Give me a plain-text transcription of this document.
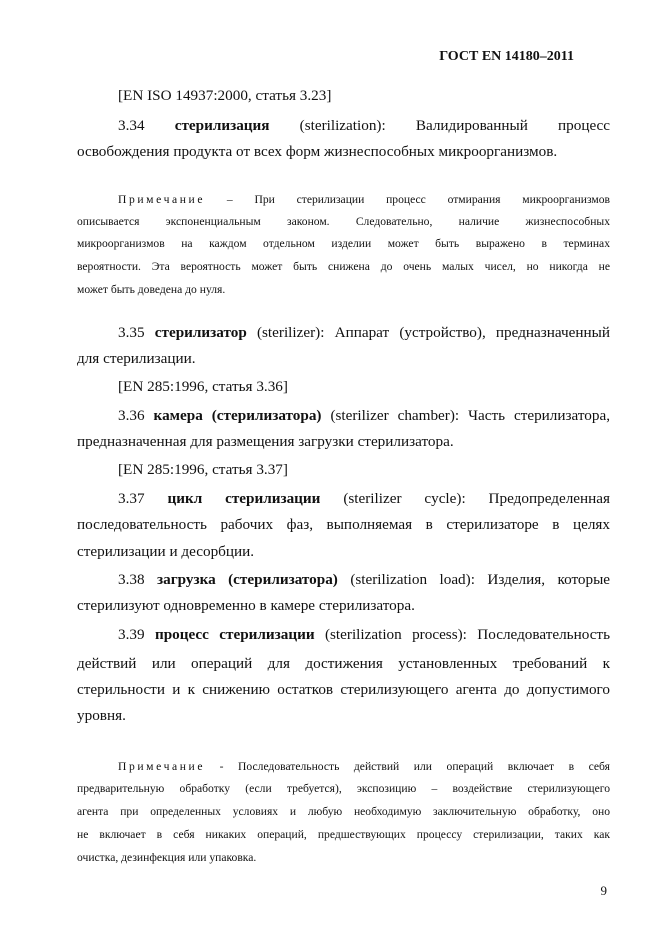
ГОСТ EN 14180–2011
[EN ISO 14937:2000, статья 3.23]
3.34 стерилизация (sterilization): Валидированный процесс
освобождения продукта от всех форм жизнеспособных микроорганизмов.
Примечание – При стерилизации процесс отмирания микроорганизмов
описывается экспоненциальным законом. Следовательно, наличие жизнеспособных
микроорганизмов на каждом отдельном изделии может быть выражено в терминах
вероятности. Эта вероятность может быть снижена до очень малых чисел, но никогда не
может быть доведена до нуля.
3.35 стерилизатор (sterilizer): Аппарат (устройство), предназначенный
для стерилизации.
[EN 285:1996, статья 3.36]
3.36 камера (стерилизатора) (sterilizer chamber): Часть стерилизатора,
предназначенная для размещения загрузки стерилизатора.
[EN 285:1996, статья 3.37]
3.37 цикл стерилизации (sterilizer cycle): Предопределенная
последовательность рабочих фаз, выполняемая в стерилизаторе в целях
стерилизации и десорбции.
3.38 загрузка (стерилизатора) (sterilization load): Изделия, которые
стерилизуют одновременно в камере стерилизатора.
3.39 процесс стерилизации (sterilization process): Последовательность
действий или операций для достижения установленных требований к
стерильности и к снижению остатков стерилизующего агента до допустимого
уровня.
Примечание - Последовательность действий или операций включает в себя
предварительную обработку (если требуется), экспозицию – воздействие стерилизующего
агента при определенных условиях и любую необходимую заключительную обработку, оно
не включает в себя никаких операций, предшествующих процессу стерилизации, таких как
очистка, дезинфекция или упаковка.
9
